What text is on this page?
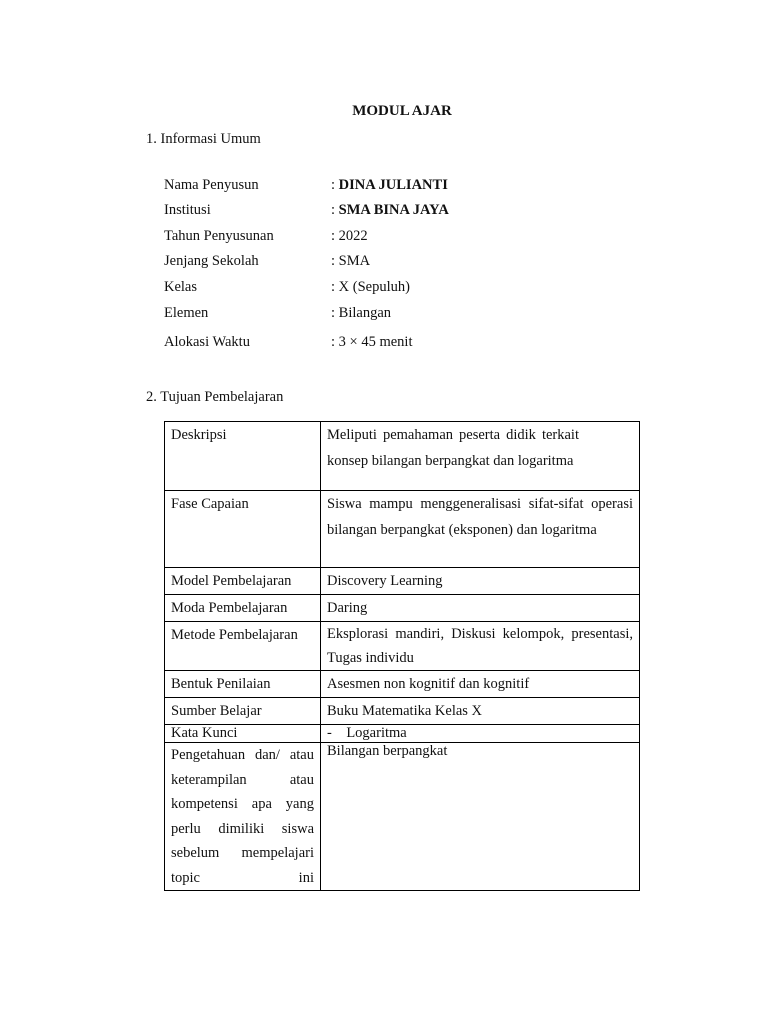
MODUL AJAR
1. Informasi Umum
Nama Penyusun	: DINA JULIANTI
Institusi	: SMA BINA JAYA
Tahun Penyusunan	: 2022
Jenjang Sekolah	: SMA
Kelas	: X (Sepuluh)
Elemen	: Bilangan
Alokasi Waktu	: 3 × 45 menit
2. Tujuan Pembelajaran
Deskripsi	Meliputi pemahaman peserta didik terkait konsep bilangan berpangkat dan logaritma
Fase Capaian	Siswa mampu menggeneralisasi sifat-sifat operasi bilangan berpangkat (eksponen) dan logaritma
Model Pembelajaran	Discovery Learning
Moda Pembelajaran	Daring
Metode Pembelajaran	Eksplorasi mandiri, Diskusi kelompok, presentasi, Tugas individu
Bentuk Penilaian	Asesmen non kognitif dan kognitif
Sumber Belajar	Buku Matematika Kelas X
Kata Kunci	-    Logaritma
Pengetahuan dan/ atau keterampilan atau kompetensi apa yang perlu dimiliki siswa sebelum mempelajari topic ini	Bilangan berpangkat
